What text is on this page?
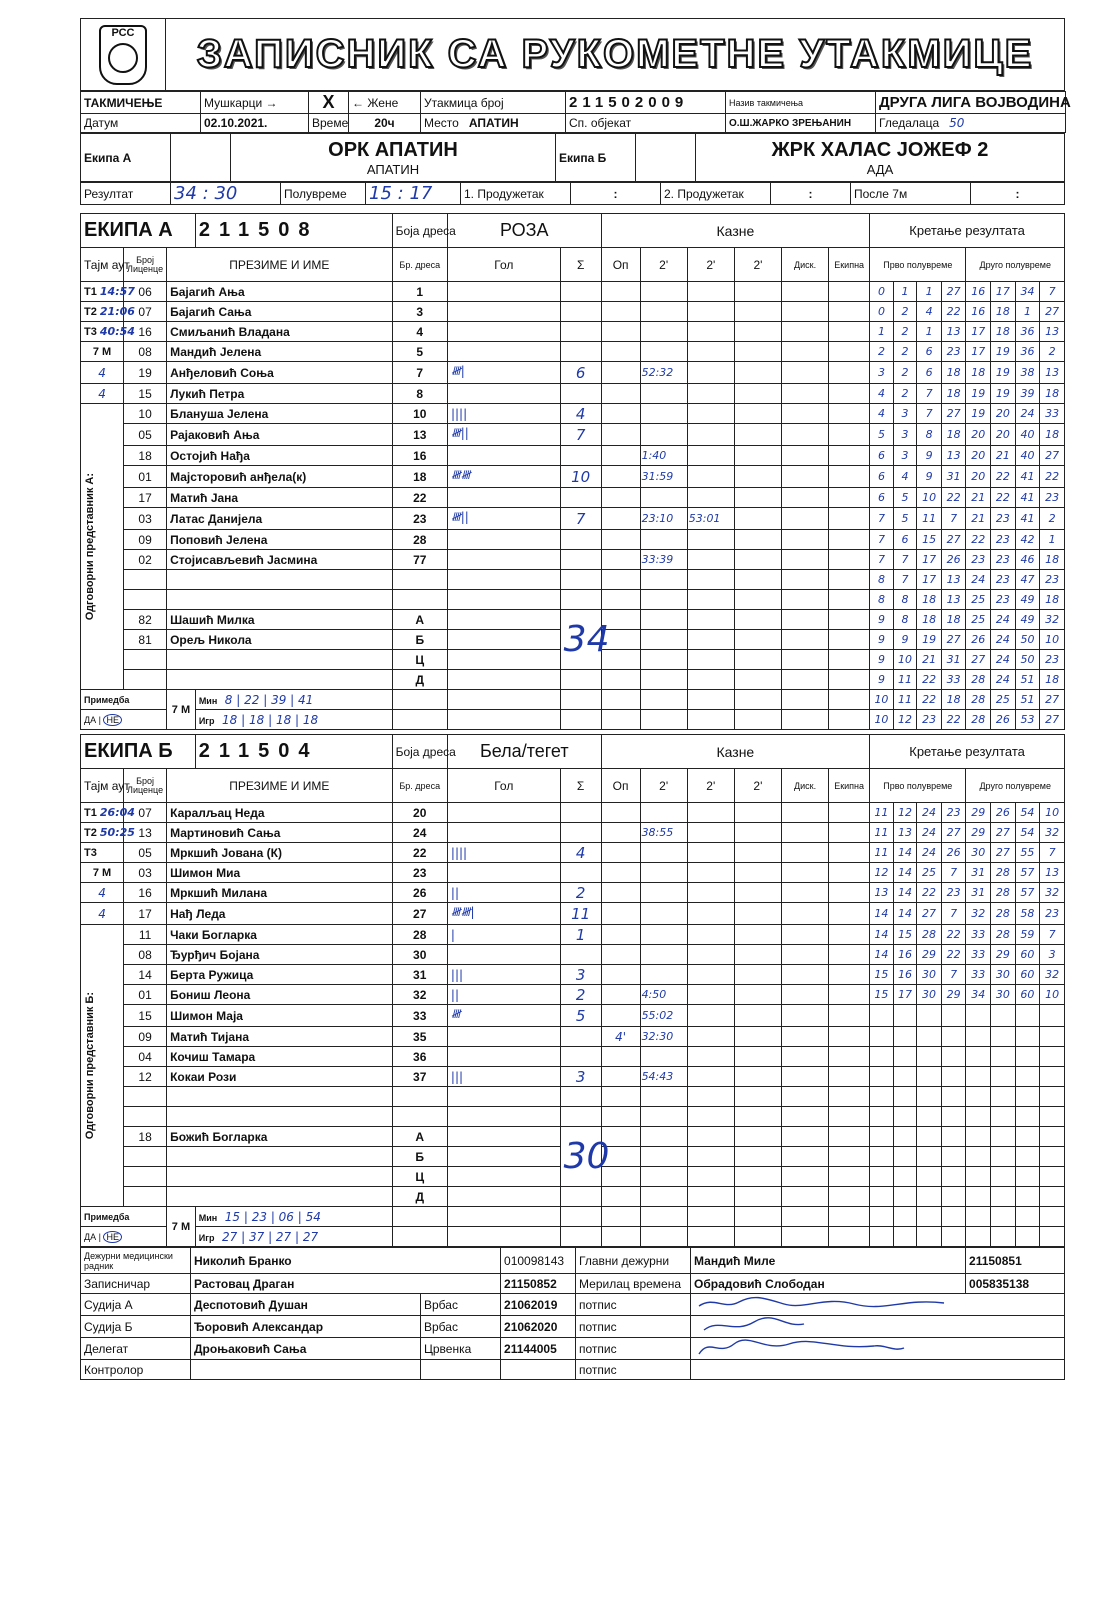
РСС	ЗАПИСНИК СА РУКОМЕТНЕ УТАКМИЦЕ
ТАКМИЧЕЊЕ	Мушкарци →	X	← Жене	Утакмица број	211502009	Назив такмичења	ДРУГА ЛИГА ВОЈВОДИНА
Датум	02.10.2021.	Време	20ч	Место АПАТИН	Сп. објекат	О.Ш.ЖАРКО ЗРЕЊАНИН	Гледалаца 50
Екипа А		ОРК АПАТИН
АПАТИН
	Екипа Б		ЖРК ХАЛАС ЈОЖЕФ 2
АДА
Резултат	34 : 30	Полувреме	15 : 17	1. Продужетак	:	2. Продужетак	:	После 7м	:
ЕКИПА А			211508	Боја дреса	РОЗА		Казне						Кретање резултата							
Тајм аут	Број Лиценце	ПРЕЗИМЕ И ИМЕ		Бр. дреса	Гол	Σ	Оп	2'	2'	2'	Диск.	Екипна	Прво полувреме				Друго полувреме			
T1 14:57	06	Бајагић Ања		1									0	1	1	27	16	17	34	7
T2 21:06	07	Бајагић Сања		3									0	2	4	22	16	18	1	27
T3 40:54	16	Смиљанић Владана		4									1	2	1	13	17	18	36	13
7 М	08	Мандић Јелена		5									2	2	6	23	17	19	36	2
4	19	Анђеловић Соња		7	𝍸|	6		52:32					3	2	6	18	18	19	38	13
4	15	Лукић Петра		8									4	2	7	18	19	19	39	18

Одговорни представник А:	10	Блануша Јелена		10	||||	4							4	3	7	27	19	20	24	33
	05	Рајаковић Ања		13	𝍸||	7							5	3	8	18	20	20	40	18
	18	Остојић Нађа		16				1:40					6	3	9	13	20	21	40	27
	01	Мајсторовић анђела(к)		18	𝍸𝍸	10		31:59					6	4	9	31	20	22	41	22
	17	Матић Јана		22									6	5	10	22	21	22	41	23
	03	Латас Данијела		23	𝍸||	7		23:10	53:01				7	5	11	7	21	23	41	2
	09	Поповић Јелена		28									7	6	15	27	22	23	42	1
	02	Стојисављевић Јасмина		77				33:39					7	7	17	26	23	23	46	18
													8	7	17	13	24	23	47	23
													8	8	18	13	25	23	49	18
	82	Шашић Милка		А		34							9	8	18	18	25	24	49	32
	81	Орељ Никола		Б									9	9	19	27	26	24	50	10
				Ц									9	10	21	31	27	24	50	23
				Д									9	11	22	33	28	24	51	18
Примедба		7 М	Мин 8 | 22 | 39 | 41										10	11	22	18	28	25	51	27
ДА | НЕ			Игр 18 | 18 | 18 | 18										10	12	23	22	28	26	53	27
ЕКИПА Б			211504	Боја дреса	Бела/тегет		Казне						Кретање резултата							
Тајм аут	Број Лиценце	ПРЕЗИМЕ И ИМЕ		Бр. дреса	Гол	Σ	Оп	2'	2'	2'	Диск.	Екипна	Прво полувреме				Друго полувреме			
T1 26:04	07	Каралљац Неда		20									11	12	24	23	29	26	54	10
T2 50:25	13	Мартиновић Сања		24				38:55					11	13	24	27	29	27	54	32
T3	05	Мркшић Јована (К)		22	||||	4							11	14	24	26	30	27	55	7
7 М	03	Шимон Миа		23									12	14	25	7	31	28	57	13
4	16	Мркшић Милана		26	||	2							13	14	22	23	31	28	57	32
4	17	Нађ Леда		27	𝍸𝍸|	11							14	14	27	7	32	28	58	23

Одговорни представник Б:	11	Чаки Боглaрка		28	|	1							14	15	28	22	33	28	59	7
	08	Ђурђич Бојана		30									14	16	29	22	33	29	60	3
	14	Берта Ружица		31	|||	3							15	16	30	7	33	30	60	32
	01	Бониш Леона		32	||	2		4:50					15	17	30	29	34	30	60	10
	15	Шимон Маја		33	𝍸	5		55:02												
	09	Матић Тијана		35			4'	32:30												
	04	Кочиш Тамара		36																
	12	Кокаи Рози		37	|||	3		54:43												

	18	Божић Богларка		А		30														
				Б																
				Ц																
				Д																
Примедба		7 М	Мин 15 | 23 | 06 | 54																	
ДА | НЕ			Игр 27 | 37 | 27 | 27																	
Дежурни медицински радник	Николић Бранко		010098143	Главни дежурни	Мандић Миле	21150851
Записничар	Растовац Драган		21150852	Мерилац времена	Обрадовић Слободан	005835138
Судија А	Деспотовић Душан	Врбас	21062019	потпис	
Судија Б	Ђоровић Александар	Врбас	21062020	потпис	
Делегат	Дроњаковић Сања	Црвенка	21144005	потпис	
Контролор				потпис		
